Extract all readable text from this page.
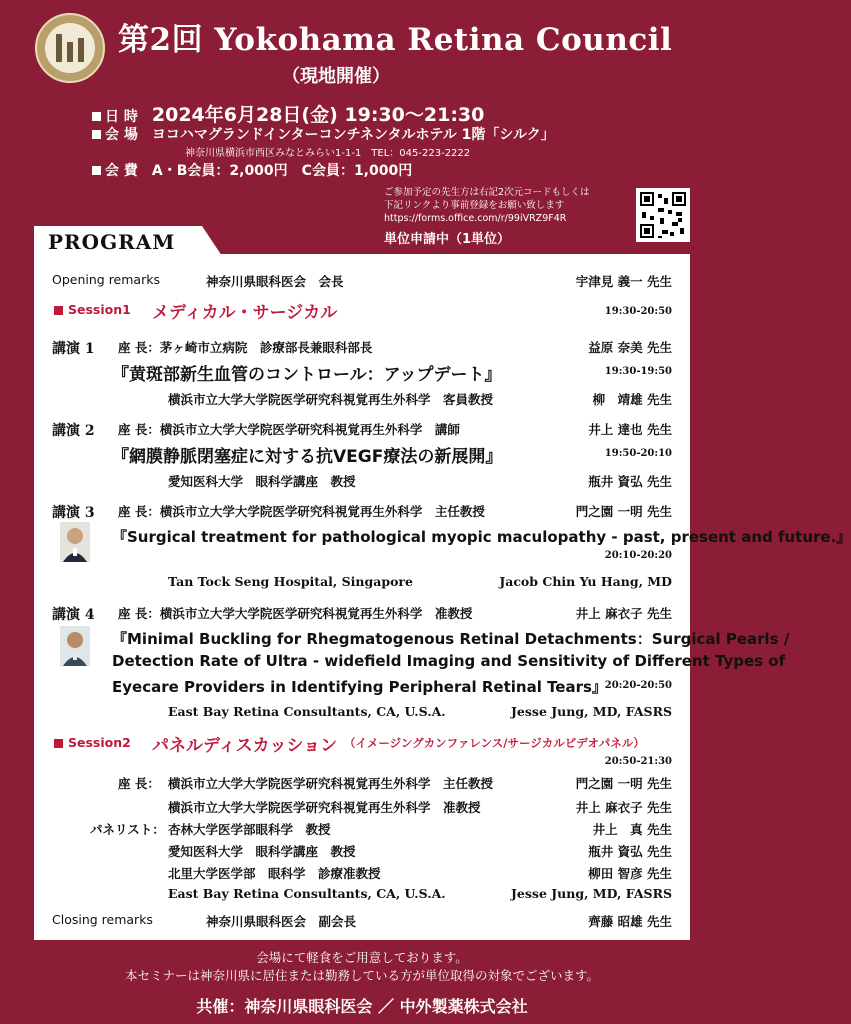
第2回 Yokohama Retina Council
（現地開催）
日 時　 2024年6月28日(金) 19:30〜21:30
会 場　 ヨコハマグランドインターコンチネンタルホテル 1階「シルク」
神奈川県横浜市西区みなとみらい1-1-1　TEL：045-223-2222
会 費　 A・B会員：2,000円　C会員：1,000円
ご参加予定の先生方は右記2次元コードもしくは
下記リンクより事前登録をお願い致します
https://forms.office.com/r/99iVRZ9F4R
単位申請中（1単位）
PROGRAM
Opening remarks	神奈川県眼科医会　会長	宇津見 義一 先生
Session1 メディカル・サージカル	19:30-20:50
講演 1 座 長：茅ヶ崎市立病院　診療部長兼眼科部長	益原 奈美 先生
『黄斑部新生血管のコントロール：アップデート』	19:30-19:50
横浜市立大学大学院医学研究科視覚再生外科学　客員教授	柳　靖雄 先生
講演 2 座 長：横浜市立大学大学院医学研究科視覚再生外科学　講師	井上 達也 先生
『網膜静脈閉塞症に対する抗VEGF療法の新展開』	19:50-20:10
愛知医科大学　眼科学講座　教授	瓶井 資弘 先生
講演 3 座 長：横浜市立大学大学院医学研究科視覚再生外科学　主任教授	門之園 一明 先生
『Surgical treatment for pathological myopic maculopathy - past, present and future.』
20:10-20:20
Tan Tock Seng Hospital, Singapore	Jacob Chin Yu Hang, MD
講演 4 座 長：横浜市立大学大学院医学研究科視覚再生外科学　准教授	井上 麻衣子 先生
『Minimal Buckling for Rhegmatogenous Retinal Detachments：Surgical Pearls /
Detection Rate of Ultra - widefield Imaging and Sensitivity of Different Types of
Eyecare Providers in Identifying Peripheral Retinal Tears』
20:20-20:50
East Bay Retina Consultants, CA, U.S.A.	Jesse Jung, MD, FASRS
Session2 パネルディスカッション （イメージングカンファレンス/サージカルビデオパネル）
20:50-21:30
座 長： 横浜市立大学大学院医学研究科視覚再生外科学　主任教授	門之園 一明 先生
横浜市立大学大学院医学研究科視覚再生外科学　准教授	井上 麻衣子 先生
パネリスト： 杏林大学医学部眼科学　教授	井上　真 先生
愛知医科大学　眼科学講座　教授	瓶井 資弘 先生
北里大学医学部　眼科学　診療准教授	柳田 智彦 先生
East Bay Retina Consultants, CA, U.S.A.	Jesse Jung, MD, FASRS
Closing remarks	神奈川県眼科医会　副会長	齊藤 昭雄 先生
会場にて軽食をご用意しております。
本セミナーは神奈川県に居住または勤務している方が単位取得の対象でございます。
共催：神奈川県眼科医会 ／ 中外製薬株式会社
